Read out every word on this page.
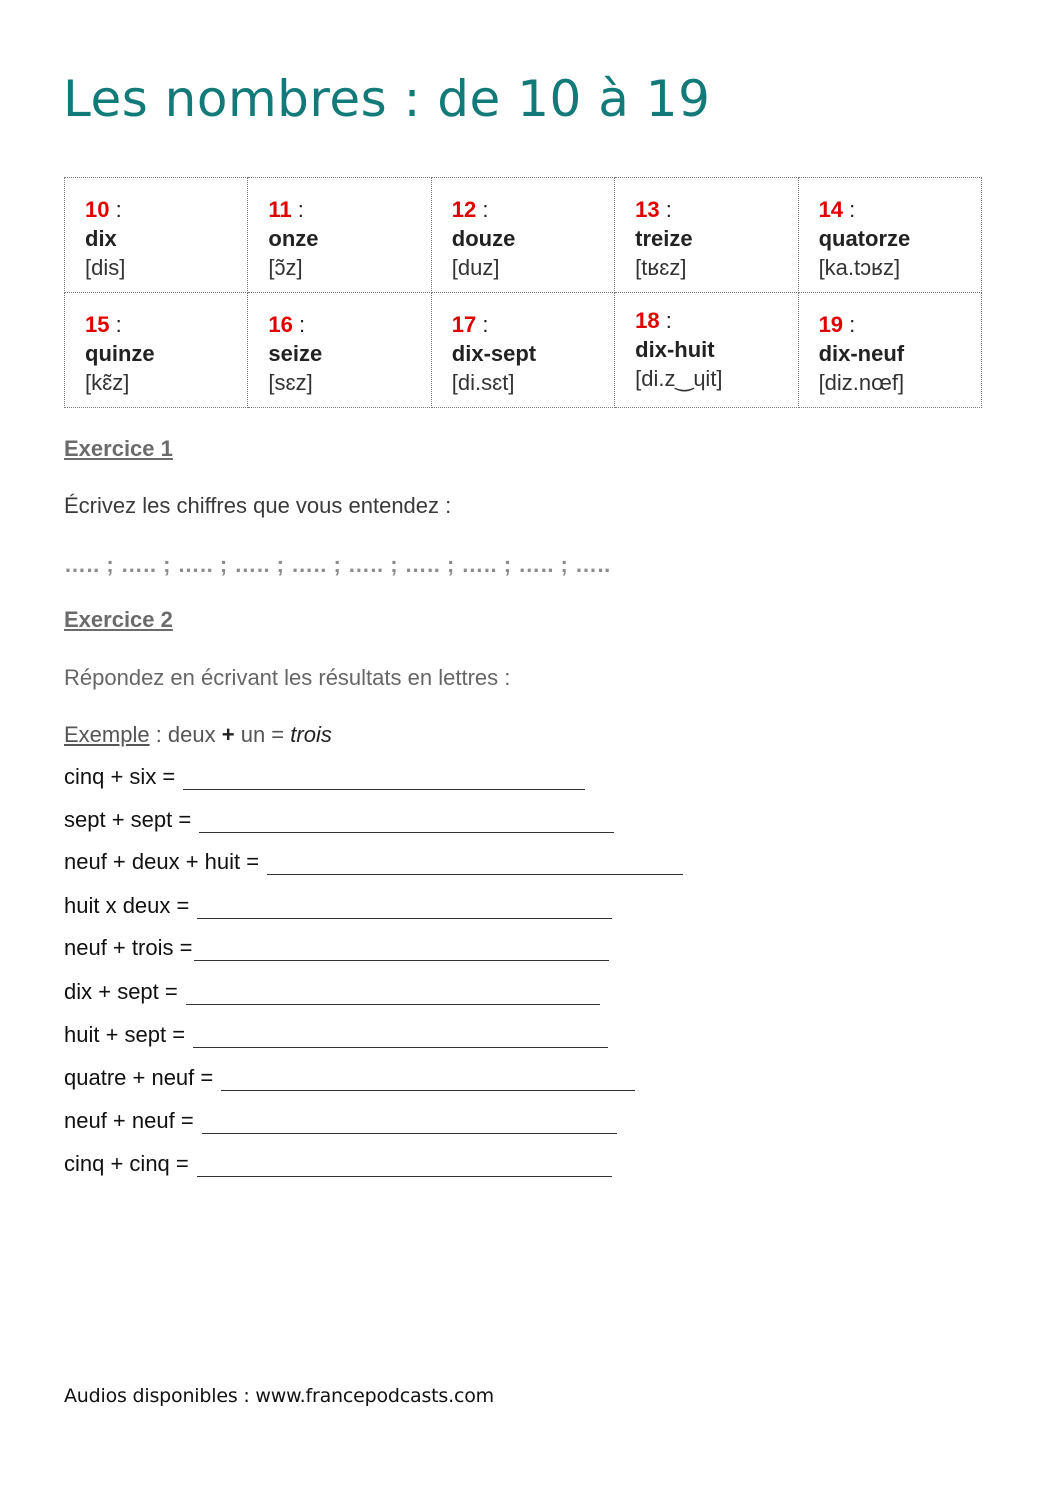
Les nombres : de 10 à 19
10 :
dix
[dis]	11 :
onze
[ɔ̃z]	12 :
douze
[duz]	13 :
treize
[tʁɛz]	14 :
quatorze
[ka.tɔʁz]

15 :
quinze
[kɛ̃z]	16 :
seize
[sɛz]	17 :
dix-sept
[di.sɛt]	18 :
dix-huit
[di.z‿ɥit]	19 :
dix-neuf
[diz.nœf]
Exercice 1
Écrivez les chiffres que vous entendez :
….. ; ….. ; ….. ; ….. ; ….. ; ….. ; ….. ; ….. ; ….. ; …..
Exercice 2
Répondez en écrivant les résultats en lettres :
Exemple : deux + un = trois
cinq + six =
sept + sept =
neuf + deux + huit =
huit x deux =
neuf + trois =
dix + sept =
huit + sept =
quatre + neuf =
neuf + neuf =
cinq + cinq =
Audios disponibles : www.francepodcasts.com
